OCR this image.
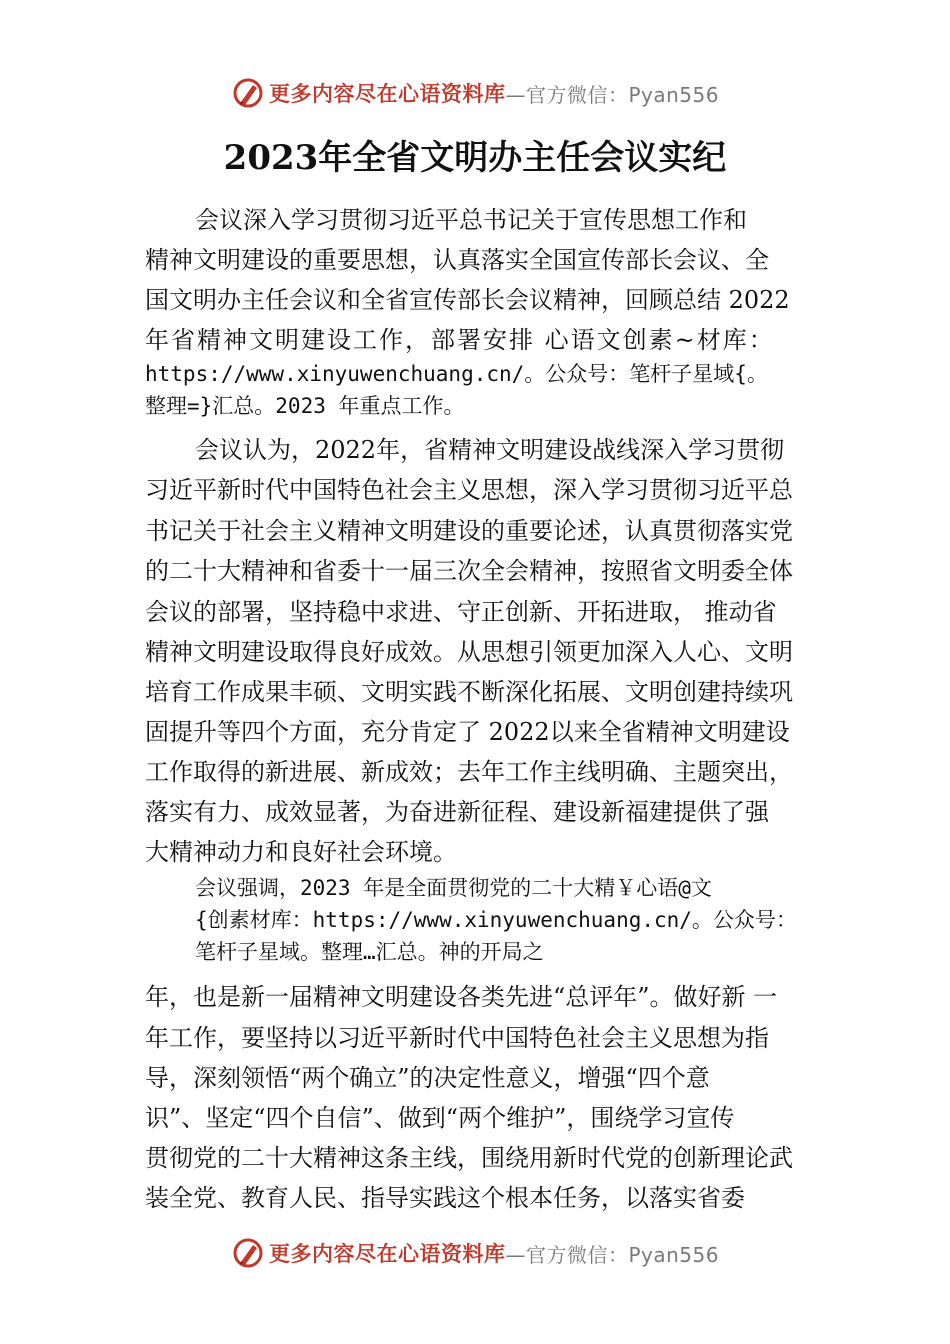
更多内容尽在心语资料库 —官方微信：Pyan556
2023年全省文明办主任会议实纪
会议深入学习贯彻习近平总书记关于宣传思想工作和
精神文明建设的重要思想，认真落实全国宣传部长会议、全
国文明办主任会议和全省宣传部长会议精神，回顾总结 2022
年省精神文明建设工作，部署安排 心语文创素~材库：
https://www.xinyuwenchuang.cn/。公众号：笔杆子星域{。
整理=}汇总。2023 年重点工作。
会议认为，2022年，省精神文明建设战线深入学习贯彻
习近平新时代中国特色社会主义思想，深入学习贯彻习近平总
书记关于社会主义精神文明建设的重要论述，认真贯彻落实党
的二十大精神和省委十一届三次全会精神，按照省文明委全体
会议的部署，坚持稳中求进、守正创新、开拓进取， 推动省
精神文明建设取得良好成效。从思想引领更加深入人心、文明
培育工作成果丰硕、文明实践不断深化拓展、文明创建持续巩
固提升等四个方面，充分肯定了 2022以来全省精神文明建设
工作取得的新进展、新成效；去年工作主线明确、主题突出，
落实有力、成效显著，为奋进新征程、建设新福建提供了强
大精神动力和良好社会环境。
会议强调，2023 年是全面贯彻党的二十大精￥心语@文
{创素材库：https://www.xinyuwenchuang.cn/。公众号：
笔杆子星域。整理…汇总。神的开局之
年，也是新一届精神文明建设各类先进“总评年”。做好新 一
年工作，要坚持以习近平新时代中国特色社会主义思想为指
导，深刻领悟“两个确立”的决定性意义，增强“四个意
识”、坚定“四个自信”、做到“两个维护”，围绕学习宣传
贯彻党的二十大精神这条主线，围绕用新时代党的创新理论武
装全党、教育人民、指导实践这个根本任务，以落实省委
更多内容尽在心语资料库 —官方微信：Pyan556
